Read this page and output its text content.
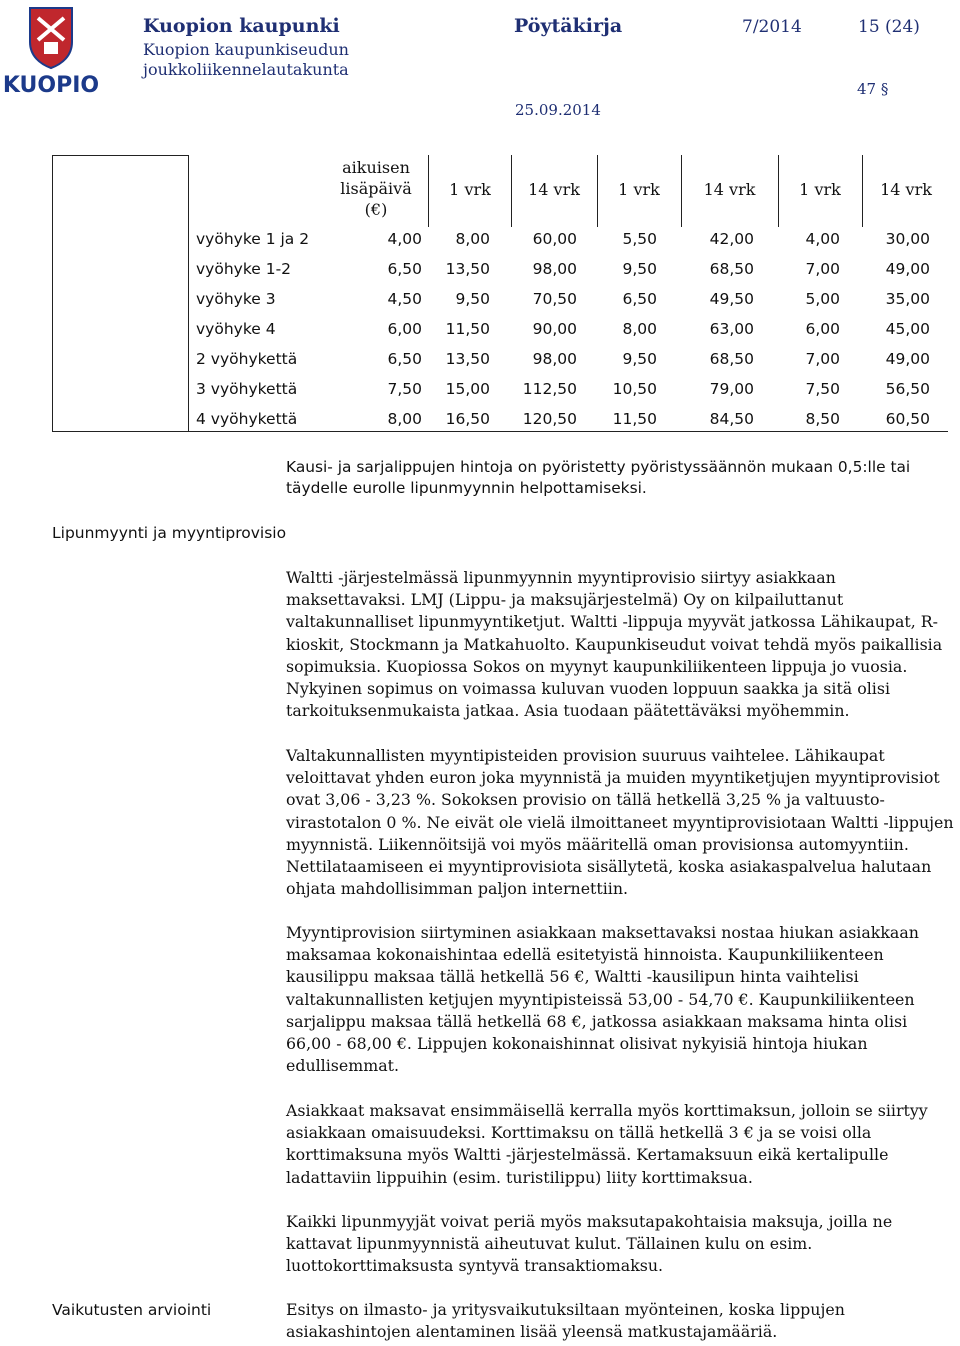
KUOPIO
Kuopion kaupunki
Kuopion kaupunkiseudun
joukkoliikennelautakunta
Pöytäkirja	7/2014	15 (24)
47 §
25.09.2014
aikuisen
lisäpäivä
(€)
1 vrk	14 vrk	1 vrk	14 vrk	1 vrk	14 vrk
vyöhyke 1 ja 2	4,00	8,00	60,00	5,50	42,00	4,00	30,00
vyöhyke 1-2	6,50	13,50	98,00	9,50	68,50	7,00	49,00
vyöhyke 3	4,50	9,50	70,50	6,50	49,50	5,00	35,00
vyöhyke 4	6,00	11,50	90,00	8,00	63,00	6,00	45,00
2 vyöhykettä	6,50	13,50	98,00	9,50	68,50	7,00	49,00
3 vyöhykettä	7,50	15,00	112,50	10,50	79,00	7,50	56,50
4 vyöhykettä	8,00	16,50	120,50	11,50	84,50	8,50	60,50
Lipunmyynti ja myyntiprovisio
Vaikutusten arviointi

Kausi- ja sarjalippujen hintoja on pyöristetty pyöristyssäännön mukaan 0,5:lle tai täydelle eurolle lipunmyynnin helpottamiseksi.

Waltti -järjestelmässä lipunmyynnin myyntiprovisio siirtyy asiakkaan maksettavaksi. LMJ (Lippu- ja maksujärjestelmä) Oy on kilpailuttanut valtakunnalliset lipunmyyntiketjut. Waltti -lippuja myyvät jatkossa Lähikaupat, R-kioskit, Stockmann ja Matkahuolto. Kaupunkiseudut voivat tehdä myös paikallisia sopimuksia. Kuopiossa Sokos on myynyt kaupunkiliikenteen lippuja jo vuosia. Nykyinen sopimus on voimassa kuluvan vuoden loppuun saakka ja sitä olisi tarkoituksenmukaista jatkaa. Asia tuodaan päätettäväksi myöhemmin.

Valtakunnallisten myyntipisteiden provision suuruus vaihtelee. Lähikaupat veloittavat yhden euron joka myynnistä ja muiden myyntiketjujen myyntiprovisiot ovat 3,06 - 3,23 %. Sokoksen provisio on tällä hetkellä 3,25 % ja valtuusto-virastotalon 0 %. Ne eivät ole vielä ilmoittaneet myyntiprovisiotaan Waltti -lippujen myynnistä. Liikennöitsijä voi myös määritellä oman provisionsa automyyntiin. Nettilataamiseen ei myyntiprovisiota sisällytetä, koska asiakaspalvelua halutaan ohjata mahdollisimman paljon internettiin.

Myyntiprovision siirtyminen asiakkaan maksettavaksi nostaa hiukan asiakkaan maksamaa kokonaishintaa edellä esitetyistä hinnoista. Kaupunkiliikenteen kausilippu maksaa tällä hetkellä 56 €, Waltti -kausilipun hinta vaihtelisi valtakunnallisten ketjujen myyntipisteissä 53,00 - 54,70 €. Kaupunkiliikenteen sarjalippu maksaa tällä hetkellä 68 €, jatkossa asiakkaan maksama hinta olisi 66,00 - 68,00 €. Lippujen kokonaishinnat olisivat nykyisiä hintoja hiukan edullisemmat.

Asiakkaat maksavat ensimmäisellä kerralla myös korttimaksun, jolloin se siirtyy asiakkaan omaisuudeksi. Korttimaksu on tällä hetkellä 3 € ja se voisi olla korttimaksuna myös Waltti -järjestelmässä. Kertamaksuun eikä kertalipulle ladattaviin lippuihin (esim. turistilippu) liity korttimaksua.

Kaikki lipunmyyjät voivat periä myös maksutapakohtaisia maksuja, joilla ne kattavat lipunmyynnistä aiheutuvat kulut. Tällainen kulu on esim. luottokorttimaksusta syntyvä transaktiomaksu.

Esitys on ilmasto- ja yritysvaikutuksiltaan myönteinen, koska lippujen asiakashintojen alentaminen lisää yleensä matkustajamääriä.
